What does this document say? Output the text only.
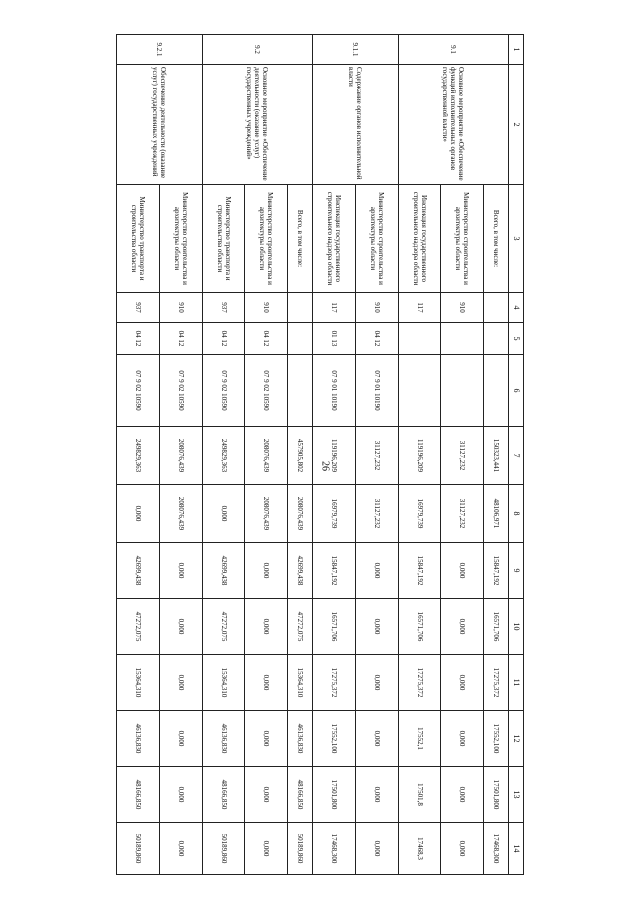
26
1	2	3	4	5	6	7	8	9	10	11	12	13	14
9.1	Основное мероприятие «Обеспечение функций исполнительных органов государственной власти»	Всего, в том числе:				150323,441	48106,971	15847,192	16571,706	17275,372	17552,100	17501,800	17468,300
		Министерство строительства и архитектуры области	910			31127,232	31127,232	0,000	0,000	0,000	0,000	0,000	0,000
		Инспекция государственного строительного надзора области	117			119196,209	16979,739	15847,192	16571,706	17275,372	17552,1	17501,8	17468,3
9.1.1	Содержание органов исполнительной власти	Министерство строительства и архитектуры области	910	04 12	07 9 01 10190	31127,232	31127,232	0,000	0,000	0,000	0,000	0,000	0,000
		Инспекция государственного строительного надзора области	117	01 13	07 9 01 10190	119196,209	16979,739	15847,192	16571,706	17275,372	17552,100	17501,800	17468,300
9.2	Основное мероприятие «Обеспечение деятельности (оказание услуг) государственных учреждений»	Всего, в том числе:				457905,802	208076,439	42699,438	47272,075	15364,310	46136,830	48166,850	50189,860
		Министерство строительства и архитектуры области	910	04 12	07 9 02 10590	208076,439	208076,439	0,000	0,000	0,000	0,000	0,000	0,000
		Министерство транспорта и строительства области	937	04 12	07 9 02 10590	249829,363	0,000	42699,438	47272,075	15364,310	46136,830	48166,850	50189,860
9.2.1	Обеспечение деятельности (оказание услуг) государственных учреждений	Министерство строительства и архитектуры области	910	04 12	07 9 02 10590	208076,439	208076,439	0,000	0,000	0,000	0,000	0,000	0,000
		Министерство транспорта и строительства области	937	04 12	07 9 02 10590	249829,363	0,000	42699,438	47272,075	15364,310	46136,830	48166,850	50189,860
